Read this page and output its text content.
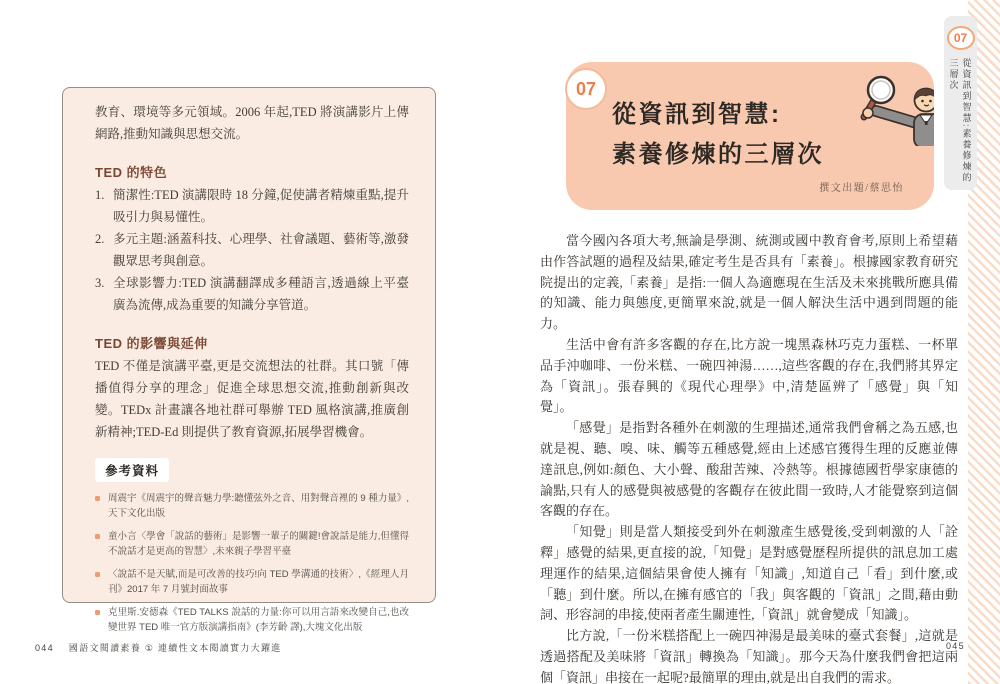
教育、環境等多元領域。2006 年起,TED 將演講影片上傳網路,推動知識與思想交流。

TED 的特色
1. 簡潔性:TED 演講限時 18 分鐘,促使講者精煉重點,提升吸引力與易懂性。
2. 多元主題:涵蓋科技、心理學、社會議題、藝術等,激發觀眾思考與創意。
3. 全球影響力:TED 演講翻譯成多種語言,透過線上平臺廣為流傳,成為重要的知識分享管道。
TED 的影響與延伸

TED 不僅是演講平臺,更是交流想法的社群。其口號「傳播值得分享的理念」促進全球思想交流,推動創新與改變。TEDx 計畫讓各地社群可舉辦 TED 風格演講,推廣創新精神;TED-Ed 則提供了教育資源,拓展學習機會。

參考資料
周震宇《周震宇的聲音魅力學:聽懂弦外之音、用對聲音裡的 9 種力量》,天下文化出版
童小言〈學會「說話的藝術」是影響一輩子的關鍵!會說話是能力,但懂得不說話才是更高的智慧〉,未來親子學習平臺
〈說話不是天賦,而是可改善的技巧!向 TED 學溝通的技術〉,《經理人月刊》2017 年 7 月號封面故事
克里斯.安德森《TED TALKS 說話的力量:你可以用言語來改變自己,也改變世界 TED 唯一官方版演講指南》(李芳齡 譯),大塊文化出版
044 國語文閱讀素養 ① 連續性文本閱讀實力大躍進
07
從資訊到智慧:
素養修煉的三層次
撰文出題/蔡思怡

當今國內各項大考,無論是學測、統測或國中教育會考,原則上希望藉由作答試題的過程及結果,確定考生是否具有「素養」。根據國家教育研究院提出的定義,「素養」是指:一個人為適應現在生活及未來挑戰所應具備的知識、能力與態度,更簡單來說,就是一個人解決生活中遇到問題的能力。

生活中會有許多客觀的存在,比方說一塊黑森林巧克力蛋糕、一杯單品手沖咖啡、一份米糕、一碗四神湯……,這些客觀的存在,我們將其界定為「資訊」。張春興的《現代心理學》中,清楚區辨了「感覺」與「知覺」。

「感覺」是指對各種外在刺激的生理描述,通常我們會稱之為五感,也就是視、聽、嗅、味、觸等五種感覺,經由上述感官獲得生理的反應並傳達訊息,例如:顏色、大小聲、酸甜苦辣、冷熱等。根據德國哲學家康德的論點,只有人的感覺與被感覺的客觀存在彼此間一致時,人才能覺察到這個客觀的存在。

「知覺」則是當人類接受到外在刺激產生感覺後,受到刺激的人「詮釋」感覺的結果,更直接的說,「知覺」是對感覺歷程所提供的訊息加工處理運作的結果,這個結果會使人擁有「知識」,知道自己「看」到什麼,或「聽」到什麼。所以,在擁有感官的「我」與客觀的「資訊」之間,藉由動詞、形容詞的串接,使兩者產生關連性,「資訊」就會變成「知識」。

比方說,「一份米糕搭配上一碗四神湯是最美味的臺式套餐」,這就是透過搭配及美味將「資訊」轉換為「知識」。那今天為什麼我們會把這兩個「資訊」串接在一起呢?最簡單的理由,就是出自我們的需求。

045
07
從資訊到智慧:素養修煉的三層次
